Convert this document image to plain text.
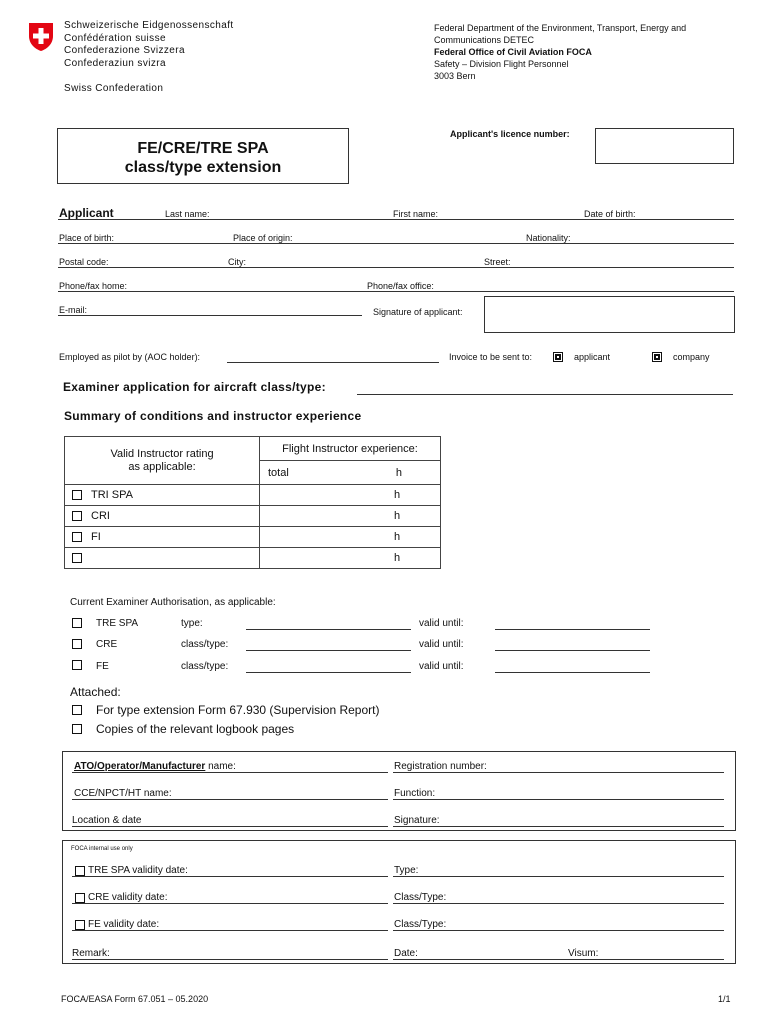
Schweizerische Eidgenossenschaft
Confédération suisse
Confederazione Svizzera
Confederaziun svizra
Swiss Confederation
Federal Department of the Environment, Transport, Energy and
Communications DETEC
Federal Office of Civil Aviation FOCA
Safety – Division Flight Personnel
3003 Bern
FE/CRE/TRE SPA
class/type extension
Applicant's licence number:
Applicant	Last name:	First name:	Date of birth:
Place of birth:	Place of origin:	Nationality:
Postal code:	City:	Street:
Phone/fax home:	Phone/fax office:
E-mail:	Signature of applicant:
Employed as pilot by (AOC holder):	Invoice to be sent to:	applicant	company
Examiner application for aircraft class/type:
Summary of conditions and instructor experience
Valid Instructor rating
as applicable:	Flight Instructor experience:
	total h
TRI SPA	h
CRI	h
FI	h
	h
Current Examiner Authorisation, as applicable:
TRE SPA	type:	valid until:
CRE	class/type:	valid until:
FE	class/type:	valid until:
Attached:
For type extension Form 67.930 (Supervision Report)
Copies of the relevant logbook pages
ATO/Operator/Manufacturer name:	Registration number:
CCE/NPCT/HT name:	Function:
Location & date	Signature:
FOCA internal use only
TRE SPA validity date:	Type:
CRE validity date:	Class/Type:
FE validity date:	Class/Type:
Remark:	Date:	Visum:
FOCA/EASA Form 67.051 – 05.2020	1/1
